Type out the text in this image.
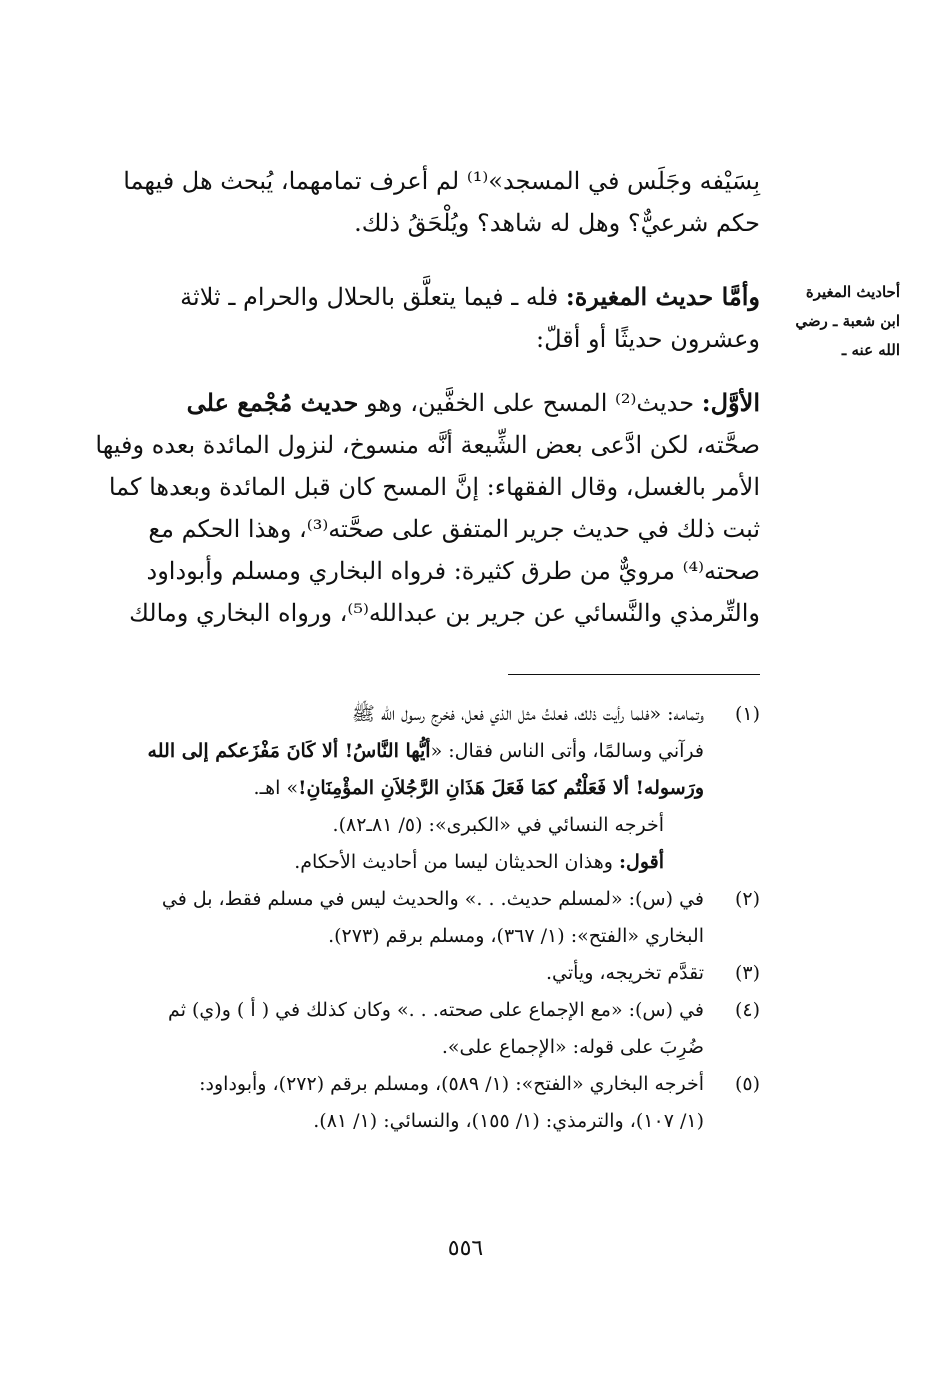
بِسَيْفه وجَلَس في المسجد»⁽¹⁾ لم أعرف تمامهما، يُبحث هل فيهما
حكم شرعيٌّ؟ وهل له شاهد؟ ويُلْحَقُ ذلك.
أحاديث المغيرة
ابن شعبة ـ رضي
الله عنه ـ
وأمَّا حديث المغيرة: فله ـ فيما يتعلَّق بالحلال والحرام ـ ثلاثة
وعشرون حديثًا أو أقلّ:
الأوَّل: حديث⁽²⁾ المسح على الخفَّين، وهو حديث مُجْمع على
صحَّته، لكن ادَّعى بعض الشِّيعة أنَّه منسوخ، لنزول المائدة بعده وفيها
الأمر بالغسل، وقال الفقهاء: إنَّ المسح كان قبل المائدة وبعدها كما
ثبت ذلك في حديث جرير المتفق على صحَّته⁽³⁾، وهذا الحكم مع
صحته⁽⁴⁾ مرويٌّ من طرق كثيرة: فرواه البخاري ومسلم وأبوداود
والتِّرمذي والنَّسائي عن جرير بن عبدالله⁽⁵⁾، ورواه البخاري ومالك
(١)
وتمامه: «فلما رأيت ذلك، فعلتُ مثل الذي فعل، فخرج رسول الله ﷺ
فرآني وسالمًا، وأتى الناس فقال: «أيُّها النَّاسُ! ألا كَانَ مَفْزَعكم إلى الله
ورَسوله! ألا فَعَلْتُم كمَا فَعَلَ هَذَانِ الرَّجُلاَنِ المؤْمِنَانِ!» اهـ.
أخرجه النسائي في «الكبرى»: (٥/ ٨١ـ٨٢).
أقول: وهذان الحديثان ليسا من أحاديث الأحكام.
(٢)
في (س): «لمسلم حديث. . .» والحديث ليس في مسلم فقط، بل في
البخاري «الفتح»: (١/ ٣٦٧)، ومسلم برقم (٢٧٣).
(٣)
تقدَّم تخريجه، ويأتي.
(٤)
في (س): «مع الإجماع على صحته. . .» وكان كذلك في ( أ ) و(ي) ثم
ضُرِبَ على قوله: «الإجماع على».
(٥)
أخرجه البخاري «الفتح»: (١/ ٥٨٩)، ومسلم برقم (٢٧٢)، وأبوداود:
(١/ ١٠٧)، والترمذي: (١/ ١٥٥)، والنسائي: (١/ ٨١).
٥٥٦
